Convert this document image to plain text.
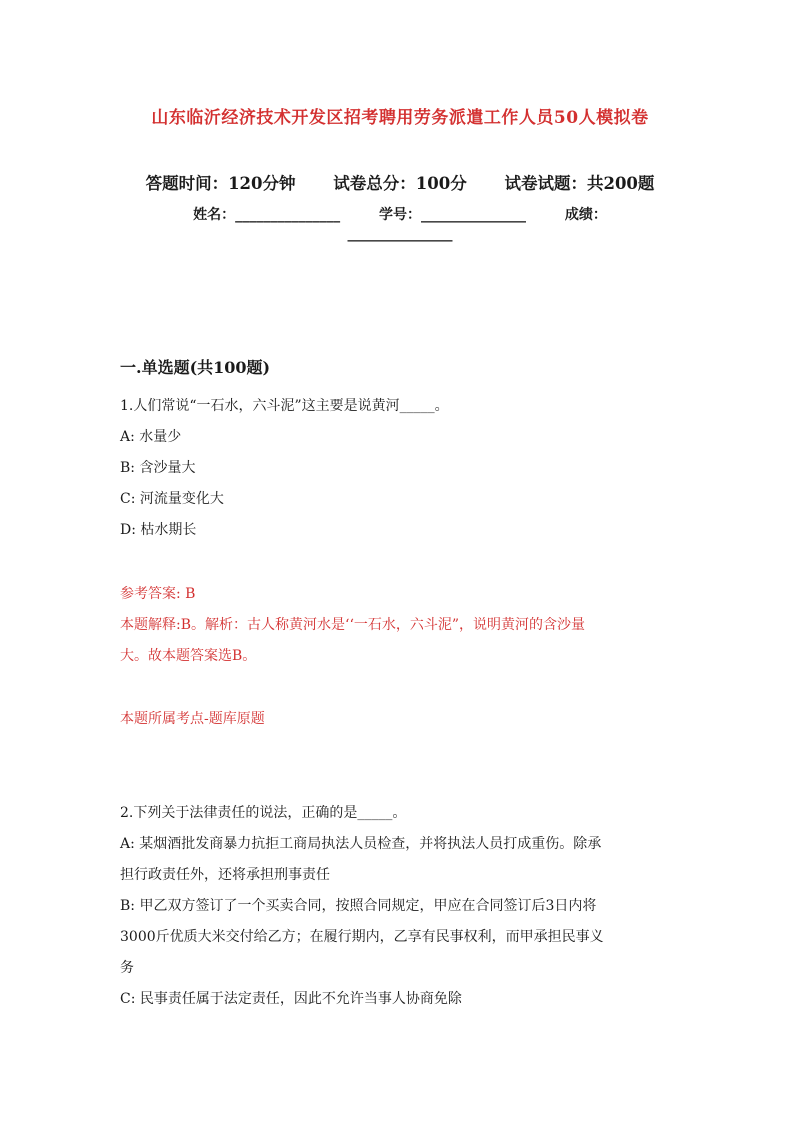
山东临沂经济技术开发区招考聘用劳务派遣工作人员50人模拟卷
答题时间：120分钟 试卷总分：100分 试卷试题：共200题
姓名：_______________	学号：_______________	成绩：
_______________
一.单选题(共100题)
1.人们常说“一石水，六斗泥”这主要是说黄河_____。
A: 水量少
B: 含沙量大
C: 河流量变化大
D: 枯水期长
参考答案: B
本题解释:B。解析：古人称黄河水是‘‘一石水，六斗泥”，说明黄河的含沙量
大。故本题答案选B。
本题所属考点-题库原题
2.下列关于法律责任的说法，正确的是_____。
A: 某烟酒批发商暴力抗拒工商局执法人员检查，并将执法人员打成重伤。除承
担行政责任外，还将承担刑事责任
B: 甲乙双方签订了一个买卖合同，按照合同规定，甲应在合同签订后3日内将
3000斤优质大米交付给乙方；在履行期内，乙享有民事权利，而甲承担民事义
务
C: 民事责任属于法定责任，因此不允许当事人协商免除
